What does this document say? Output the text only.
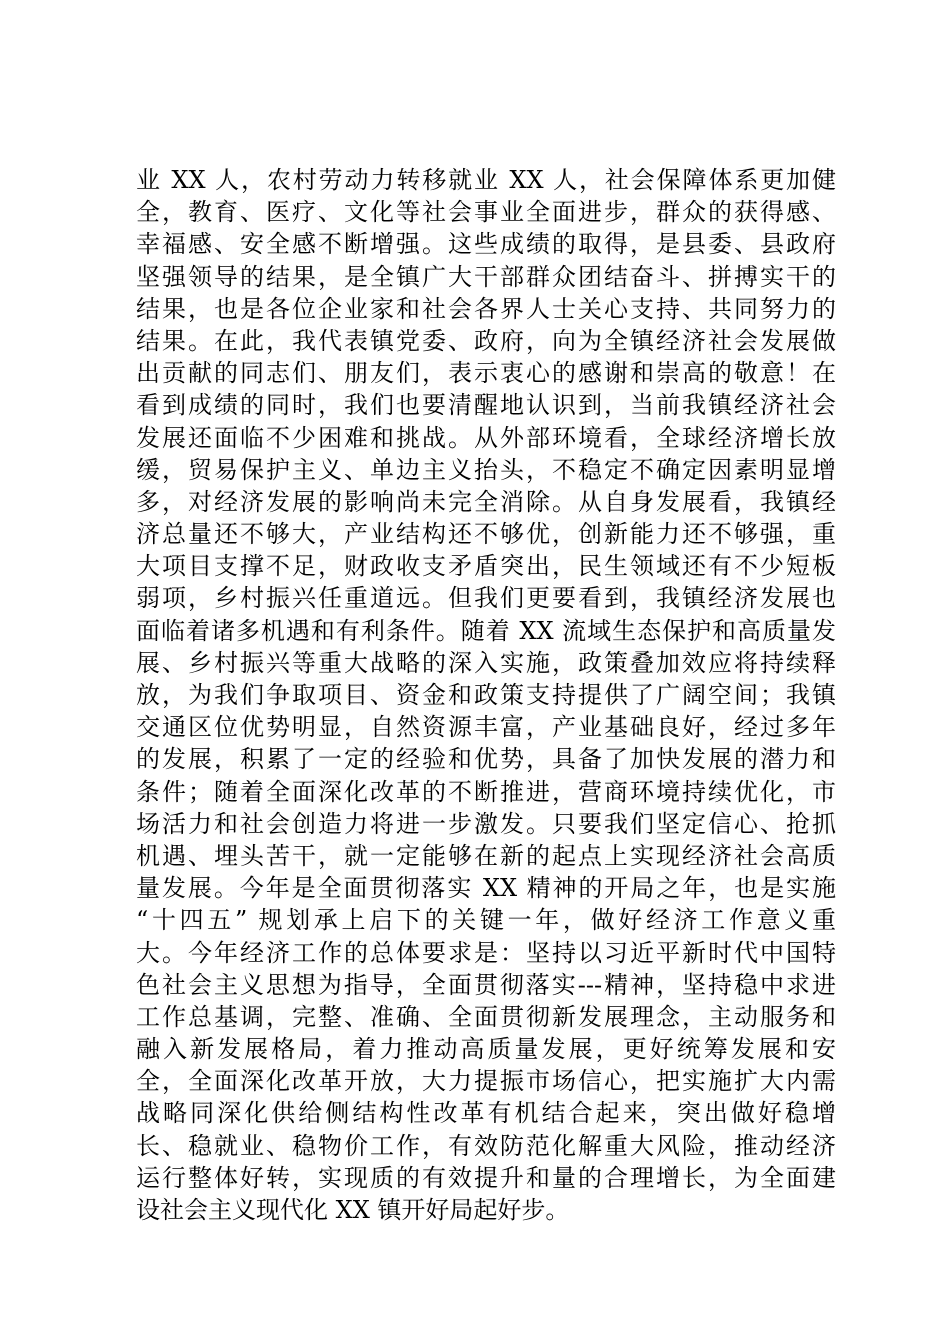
业 XX 人，农村劳动力转移就业 XX 人，社会保障体系更加健
全，教育、医疗、文化等社会事业全面进步，群众的获得感、
幸福感、安全感不断增强。这些成绩的取得，是县委、县政府
坚强领导的结果，是全镇广大干部群众团结奋斗、拼搏实干的
结果，也是各位企业家和社会各界人士关心支持、共同努力的
结果。在此，我代表镇党委、政府，向为全镇经济社会发展做
出贡献的同志们、朋友们，表示衷心的感谢和崇高的敬意！在
看到成绩的同时，我们也要清醒地认识到，当前我镇经济社会
发展还面临不少困难和挑战。从外部环境看，全球经济增长放
缓，贸易保护主义、单边主义抬头，不稳定不确定因素明显增
多，对经济发展的影响尚未完全消除。从自身发展看，我镇经
济总量还不够大，产业结构还不够优，创新能力还不够强，重
大项目支撑不足，财政收支矛盾突出，民生领域还有不少短板
弱项，乡村振兴任重道远。但我们更要看到，我镇经济发展也
面临着诸多机遇和有利条件。随着 XX 流域生态保护和高质量发
展、乡村振兴等重大战略的深入实施，政策叠加效应将持续释
放，为我们争取项目、资金和政策支持提供了广阔空间；我镇
交通区位优势明显，自然资源丰富，产业基础良好，经过多年
的发展，积累了一定的经验和优势，具备了加快发展的潜力和
条件；随着全面深化改革的不断推进，营商环境持续优化，市
场活力和社会创造力将进一步激发。只要我们坚定信心、抢抓
机遇、埋头苦干，就一定能够在新的起点上实现经济社会高质
量发展。今年是全面贯彻落实 XX 精神的开局之年，也是实施
“十四五” 规划承上启下的关键一年，做好经济工作意义重
大。今年经济工作的总体要求是：坚持以习近平新时代中国特
色社会主义思想为指导，全面贯彻落实---精神，坚持稳中求进
工作总基调，完整、准确、全面贯彻新发展理念，主动服务和
融入新发展格局，着力推动高质量发展，更好统筹发展和安
全，全面深化改革开放，大力提振市场信心，把实施扩大内需
战略同深化供给侧结构性改革有机结合起来，突出做好稳增
长、稳就业、稳物价工作，有效防范化解重大风险，推动经济
运行整体好转，实现质的有效提升和量的合理增长，为全面建
设社会主义现代化 XX 镇开好局起好步。
